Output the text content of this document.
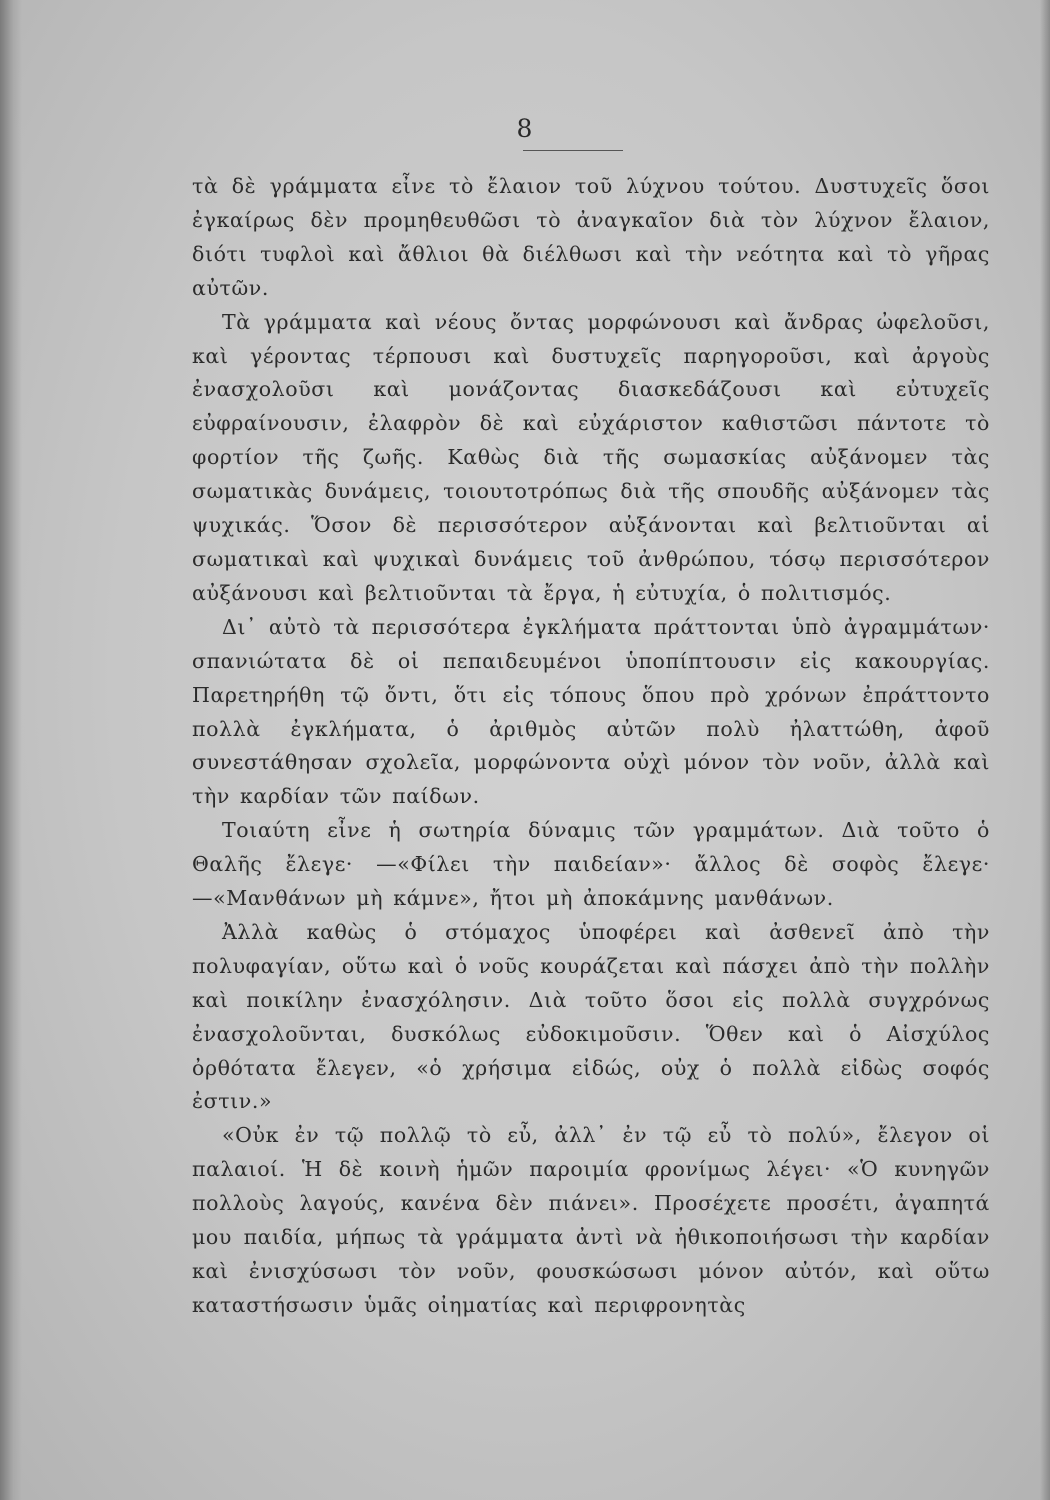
8

τὰ δὲ γράμματα εἶνε τὸ ἔλαιον τοῦ λύχνου τούτου. Δυστυχεῖς ὅσοι ἐγκαίρως δὲν προμηθευθῶσι τὸ ἀναγκαῖον διὰ τὸν λύχνον ἔλαιον, διότι τυφλοὶ καὶ ἄθλιοι θὰ διέλθωσι καὶ τὴν νεότητα καὶ τὸ γῆρας αὐτῶν.

Τὰ γράμματα καὶ νέους ὄντας μορφώνουσι καὶ ἄνδρας ὠφελοῦσι, καὶ γέροντας τέρπουσι καὶ δυστυχεῖς παρηγοροῦσι, καὶ ἀργοὺς ἐνασχολοῦσι καὶ μονάζοντας διασκεδάζουσι καὶ εὐτυχεῖς εὐφραίνουσιν, ἐλαφρὸν δὲ καὶ εὐχάριστον καθιστῶσι πάντοτε τὸ φορτίον τῆς ζωῆς. Καθὼς διὰ τῆς σωμασκίας αὐξάνομεν τὰς σωματικὰς δυνάμεις, τοιουτοτρόπως διὰ τῆς σπουδῆς αὐξάνομεν τὰς ψυχικάς. Ὅσον δὲ περισσότερον αὐξάνονται καὶ βελτιοῦνται αἱ σωματικαὶ καὶ ψυχικαὶ δυνάμεις τοῦ ἀνθρώπου, τόσῳ περισσότερον αὐξάνουσι καὶ βελτιοῦνται τὰ ἔργα, ἡ εὐτυχία, ὁ πολιτισμός.

Δι᾽ αὐτὸ τὰ περισσότερα ἐγκλήματα πράττονται ὑπὸ ἀγραμμάτων· σπανιώτατα δὲ οἱ πεπαιδευμένοι ὑποπίπτουσιν εἰς κακουργίας. Παρετηρήθη τῷ ὄντι, ὅτι εἰς τόπους ὅπου πρὸ χρόνων ἐπράττοντο πολλὰ ἐγκλήματα, ὁ ἀριθμὸς αὐτῶν πολὺ ἠλαττώθη, ἀφοῦ συνεστάθησαν σχολεῖα, μορφώνοντα οὐχὶ μόνον τὸν νοῦν, ἀλλὰ καὶ τὴν καρδίαν τῶν παίδων.

Τοιαύτη εἶνε ἡ σωτηρία δύναμις τῶν γραμμάτων. Διὰ τοῦτο ὁ Θαλῆς ἔλεγε· —«Φίλει τὴν παιδείαν»· ἄλλος δὲ σοφὸς ἔλεγε· —«Μανθάνων μὴ κάμνε», ἤτοι μὴ ἀποκάμνης μανθάνων.

Ἀλλὰ καθὼς ὁ στόμαχος ὑποφέρει καὶ ἀσθενεῖ ἀπὸ τὴν πολυφαγίαν, οὕτω καὶ ὁ νοῦς κουράζεται καὶ πάσχει ἀπὸ τὴν πολλὴν καὶ ποικίλην ἐνασχόλησιν. Διὰ τοῦτο ὅσοι εἰς πολλὰ συγχρόνως ἐνασχολοῦνται, δυσκόλως εὐδοκιμοῦσιν. Ὅθεν καὶ ὁ Αἰσχύλος ὀρθότατα ἔλεγεν, «ὁ χρήσιμα εἰδώς, οὐχ ὁ πολλὰ εἰδὼς σοφός ἐστιν.»

«Οὐκ ἐν τῷ πολλῷ τὸ εὖ, ἀλλ᾽ ἐν τῷ εὖ τὸ πολύ», ἔλεγον οἱ παλαιοί. Ἡ δὲ κοινὴ ἡμῶν παροιμία φρονίμως λέγει· «Ὁ κυνηγῶν πολλοὺς λαγούς, κανένα δὲν πιάνει». Προσέχετε προσέτι, ἀγαπητά μου παιδία, μήπως τὰ γράμματα ἀντὶ νὰ ἠθικοποιήσωσι τὴν καρδίαν καὶ ἐνισχύσωσι τὸν νοῦν, φουσκώσωσι μόνον αὐτόν, καὶ οὕτω καταστήσωσιν ὑμᾶς οἰηματίας καὶ περιφρονητὰς
